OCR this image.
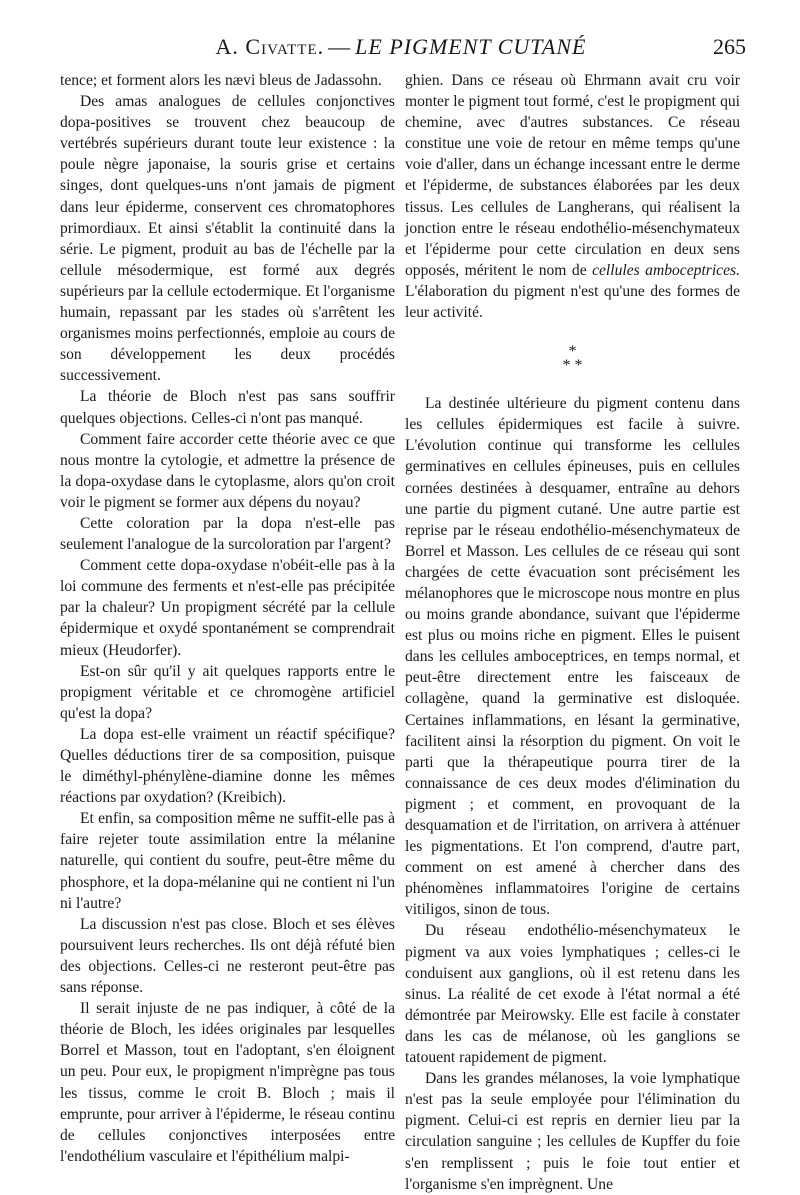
A. Civatte. — LE PIGMENT CUTANÉ	265

tence; et forment alors les nævi bleus de Jadassohn.

Des amas analogues de cellules conjonctives dopa-positives se trouvent chez beaucoup de vertébrés supérieurs durant toute leur existence : la poule nègre japonaise, la souris grise et certains singes, dont quelques-uns n'ont jamais de pigment dans leur épiderme, conservent ces chromatophores primordiaux. Et ainsi s'établit la continuité dans la série. Le pigment, produit au bas de l'échelle par la cellule mésodermique, est formé aux degrés supérieurs par la cellule ectodermique. Et l'organisme humain, repassant par les stades où s'arrêtent les organismes moins perfectionnés, emploie au cours de son développement les deux procédés successivement.

La théorie de Bloch n'est pas sans souffrir quelques objections. Celles-ci n'ont pas manqué.

Comment faire accorder cette théorie avec ce que nous montre la cytologie, et admettre la présence de la dopa-oxydase dans le cytoplasme, alors qu'on croit voir le pigment se former aux dépens du noyau?

Cette coloration par la dopa n'est-elle pas seulement l'analogue de la surcoloration par l'argent?

Comment cette dopa-oxydase n'obéit-elle pas à la loi commune des ferments et n'est-elle pas précipitée par la chaleur? Un propigment sécrété par la cellule épidermique et oxydé spontanément se comprendrait mieux (Heudorfer).

Est-on sûr qu'il y ait quelques rapports entre le propigment véritable et ce chromogène artificiel qu'est la dopa?

La dopa est-elle vraiment un réactif spécifique? Quelles déductions tirer de sa composition, puisque le diméthyl-phénylène-diamine donne les mêmes réactions par oxydation? (Kreibich).

Et enfin, sa composition même ne suffit-elle pas à faire rejeter toute assimilation entre la mélanine naturelle, qui contient du soufre, peut-être même du phosphore, et la dopa-mélanine qui ne contient ni l'un ni l'autre?

La discussion n'est pas close. Bloch et ses élèves poursuivent leurs recherches. Ils ont déjà réfuté bien des objections. Celles-ci ne resteront peut-être pas sans réponse.

Il serait injuste de ne pas indiquer, à côté de la théorie de Bloch, les idées originales par lesquelles Borrel et Masson, tout en l'adoptant, s'en éloignent un peu. Pour eux, le propigment n'imprègne pas tous les tissus, comme le croit B. Bloch ; mais il emprunte, pour arriver à l'épiderme, le réseau continu de cellules conjonctives interposées entre l'endothélium vasculaire et l'épithélium malpi-

ghien. Dans ce réseau où Ehrmann avait cru voir monter le pigment tout formé, c'est le propigment qui chemine, avec d'autres substances. Ce réseau constitue une voie de retour en même temps qu'une voie d'aller, dans un échange incessant entre le derme et l'épiderme, de substances élaborées par les deux tissus. Les cellules de Langherans, qui réalisent la jonction entre le réseau endothélio-mésenchymateux et l'épiderme pour cette circulation en deux sens opposés, méritent le nom de cellules amboceptrices. L'élaboration du pigment n'est qu'une des formes de leur activité.

*
* *

La destinée ultérieure du pigment contenu dans les cellules épidermiques est facile à suivre. L'évolution continue qui transforme les cellules germinatives en cellules épineuses, puis en cellules cornées destinées à desquamer, entraîne au dehors une partie du pigment cutané. Une autre partie est reprise par le réseau endothélio-mésenchymateux de Borrel et Masson. Les cellules de ce réseau qui sont chargées de cette évacuation sont précisément les mélanophores que le microscope nous montre en plus ou moins grande abondance, suivant que l'épiderme est plus ou moins riche en pigment. Elles le puisent dans les cellules amboceptrices, en temps normal, et peut-être directement entre les faisceaux de collagène, quand la germinative est disloquée. Certaines inflammations, en lésant la germinative, facilitent ainsi la résorption du pigment. On voit le parti que la thérapeutique pourra tirer de la connaissance de ces deux modes d'élimination du pigment ; et comment, en provoquant de la desquamation et de l'irritation, on arrivera à atténuer les pigmentations. Et l'on comprend, d'autre part, comment on est amené à chercher dans des phénomènes inflammatoires l'origine de certains vitiligos, sinon de tous.

Du réseau endothélio-mésenchymateux le pigment va aux voies lymphatiques ; celles-ci le conduisent aux ganglions, où il est retenu dans les sinus. La réalité de cet exode à l'état normal a été démontrée par Meirowsky. Elle est facile à constater dans les cas de mélanose, où les ganglions se tatouent rapidement de pigment.

Dans les grandes mélanoses, la voie lymphatique n'est pas la seule employée pour l'élimination du pigment. Celui-ci est repris en dernier lieu par la circulation sanguine ; les cellules de Kupffer du foie s'en remplissent ; puis le foie tout entier et l'organisme s'en imprègnent. Une
